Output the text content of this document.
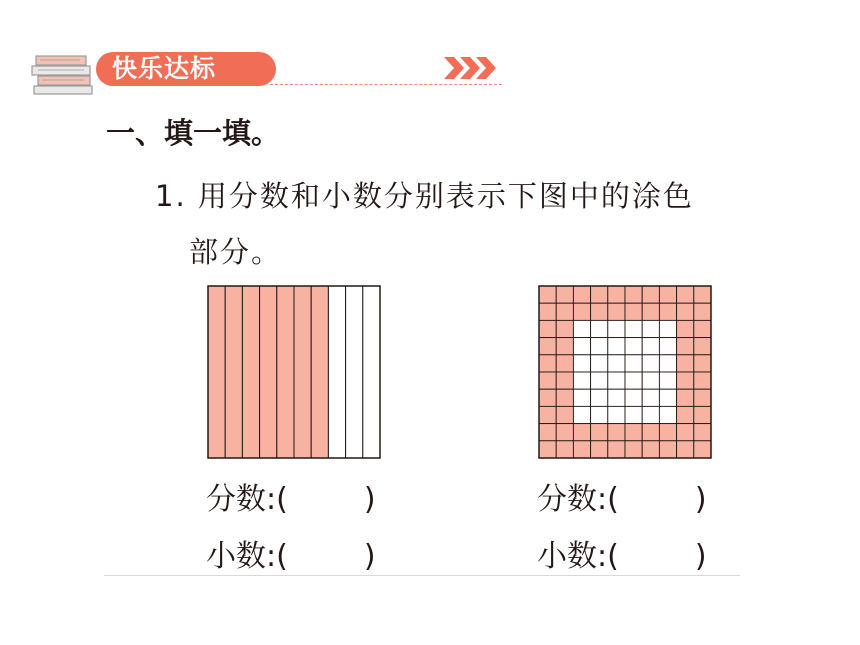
快乐达标
一、填一填。
1. 用分数和小数分别表示下图中的涂色
部分。
分数:(	)
小数:(	)
分数:(	)
小数:(	)
